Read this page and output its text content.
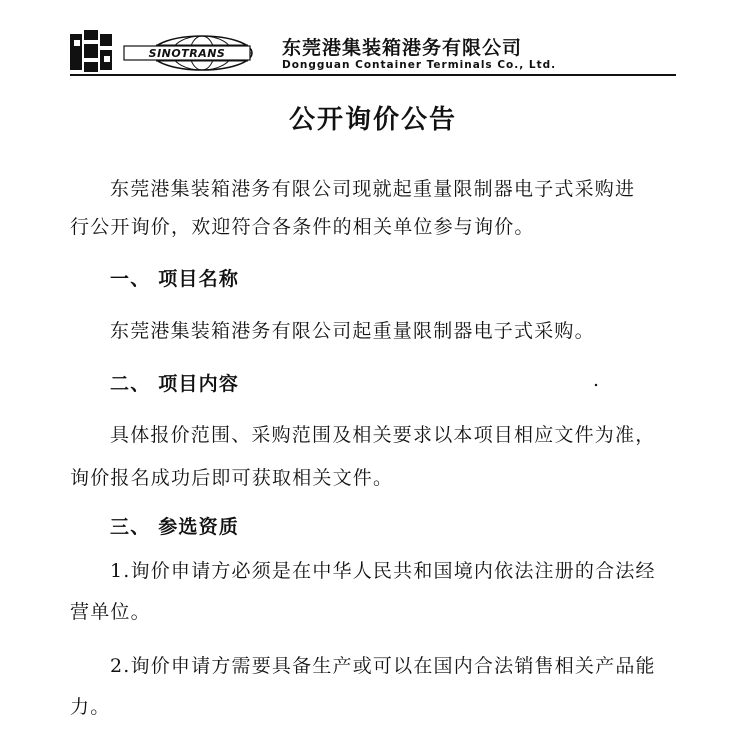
SINOTRANS	东莞港集装箱港务有限公司
Dongguan Container Terminals Co., Ltd.
公开询价公告
东莞港集装箱港务有限公司现就起重量限制器电子式采购进
行公开询价，欢迎符合各条件的相关单位参与询价。
一、 项目名称
东莞港集装箱港务有限公司起重量限制器电子式采购。
二、 项目内容	.
具体报价范围、采购范围及相关要求以本项目相应文件为准，
询价报名成功后即可获取相关文件。
三、 参选资质
1.询价申请方必须是在中华人民共和国境内依法注册的合法经
营单位。
2.询价申请方需要具备生产或可以在国内合法销售相关产品能
力。
